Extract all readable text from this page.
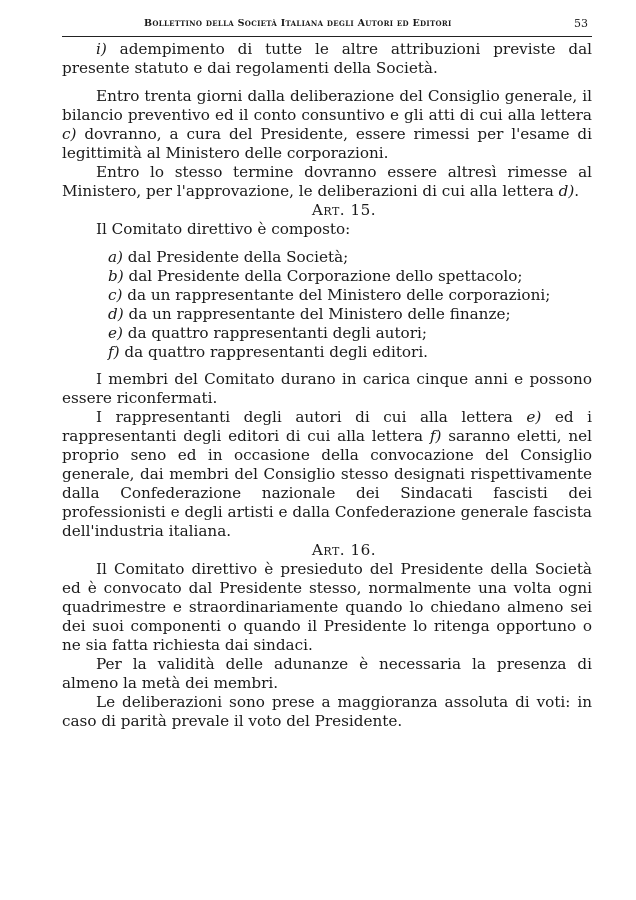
Bollettino della Società Italiana degli Autori ed Editori	53

i) adempimento di tutte le altre attribuzioni previste dal presente statuto e dai regolamenti della Società.

Entro trenta giorni dalla deliberazione del Consiglio generale, il bilancio preventivo ed il conto consuntivo e gli atti di cui alla lettera c) dovranno, a cura del Presidente, essere rimessi per l'esame di legittimità al Ministero delle corporazioni.

Entro lo stesso termine dovranno essere altresì rimesse al Ministero, per l'approvazione, le deliberazioni di cui alla lettera d).

Art. 15.

Il Comitato direttivo è composto:

a) dal Presidente della Società;
b) dal Presidente della Corporazione dello spettacolo;
c) da un rappresentante del Ministero delle corporazioni;
d) da un rappresentante del Ministero delle finanze;
e) da quattro rappresentanti degli autori;
f) da quattro rappresentanti degli editori.

I membri del Comitato durano in carica cinque anni e possono essere riconfermati.

I rappresentanti degli autori di cui alla lettera e) ed i rappresentanti degli editori di cui alla lettera f) saranno eletti, nel proprio seno ed in occasione della convocazione del Consiglio generale, dai membri del Consiglio stesso designati rispettivamente dalla Confederazione nazionale dei Sindacati fascisti dei professionisti e degli artisti e dalla Confederazione generale fascista dell'industria italiana.

Art. 16.

Il Comitato direttivo è presieduto del Presidente della Società ed è convocato dal Presidente stesso, normalmente una volta ogni quadrimestre e straordinariamente quando lo chiedano almeno sei dei suoi componenti o quando il Presidente lo ritenga opportuno o ne sia fatta richiesta dai sindaci.

Per la validità delle adunanze è necessaria la presenza di almeno la metà dei membri.

Le deliberazioni sono prese a maggioranza assoluta di voti: in caso di parità prevale il voto del Presidente.
